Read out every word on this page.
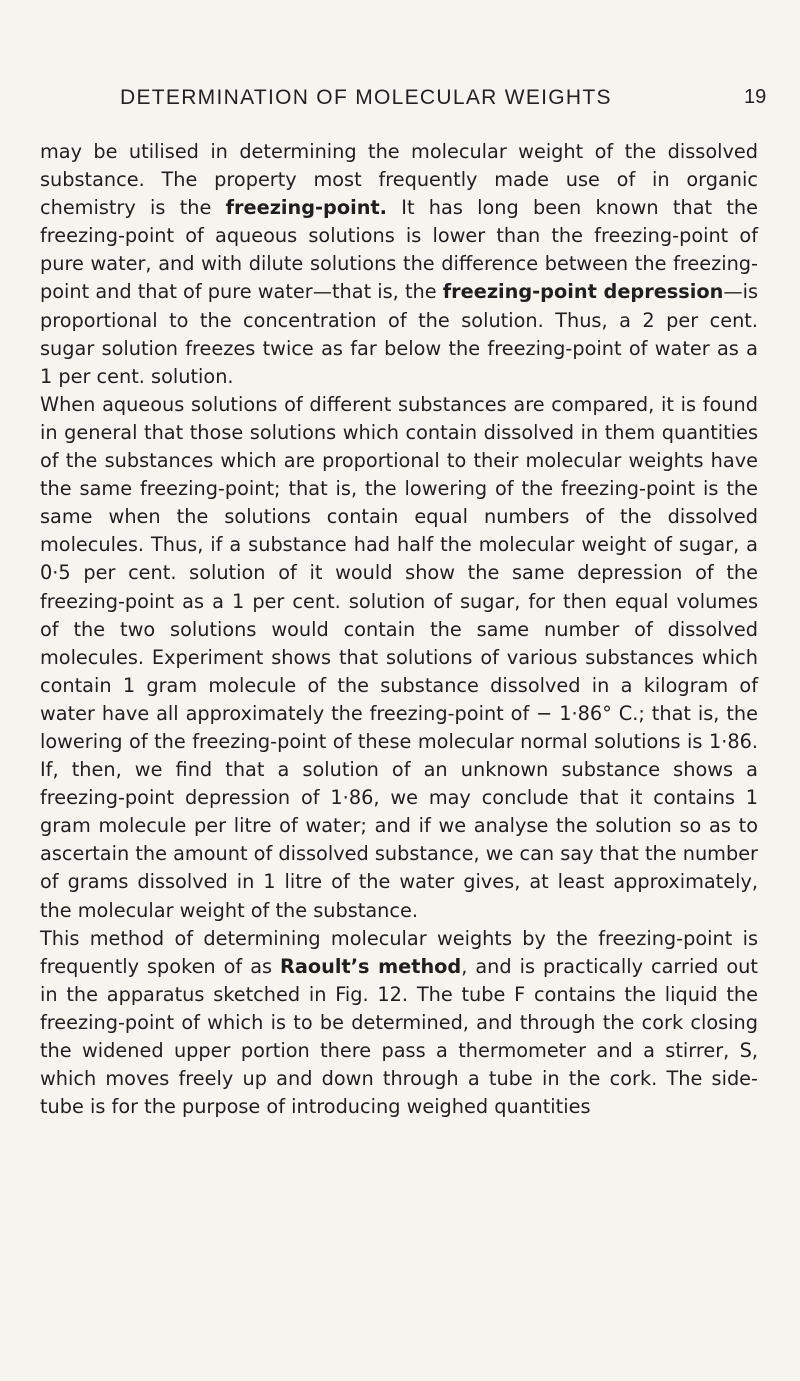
DETERMINATION OF MOLECULAR WEIGHTS	19

may be utilised in determining the molecular weight of the dissolved substance. The property most frequently made use of in organic chemistry is the freezing-point. It has long been known that the freezing-point of aqueous solutions is lower than the freezing-point of pure water, and with dilute solutions the difference between the freezing-point and that of pure water—that is, the freezing-point depression—is proportional to the concentration of the solution. Thus, a 2 per cent. sugar solution freezes twice as far below the freezing-point of water as a 1 per cent. solution.

When aqueous solutions of different substances are compared, it is found in general that those solutions which contain dissolved in them quantities of the substances which are proportional to their molecular weights have the same freezing-point; that is, the lowering of the freezing-point is the same when the solutions contain equal numbers of the dissolved molecules. Thus, if a substance had half the molecular weight of sugar, a 0·5 per cent. solution of it would show the same depression of the freezing-point as a 1 per cent. solution of sugar, for then equal volumes of the two solutions would contain the same number of dissolved molecules. Experiment shows that solutions of various substances which contain 1 gram molecule of the substance dissolved in a kilogram of water have all approximately the freezing-point of − 1·86° C.; that is, the lowering of the freezing-point of these molecular normal solutions is 1·86. If, then, we find that a solution of an unknown substance shows a freezing-point depression of 1·86, we may conclude that it contains 1 gram molecule per litre of water; and if we analyse the solution so as to ascertain the amount of dissolved substance, we can say that the number of grams dissolved in 1 litre of the water gives, at least approximately, the molecular weight of the substance.

This method of determining molecular weights by the freezing-point is frequently spoken of as Raoult’s method, and is practically carried out in the apparatus sketched in Fig. 12. The tube F contains the liquid the freezing-point of which is to be determined, and through the cork closing the widened upper portion there pass a thermometer and a stirrer, S, which moves freely up and down through a tube in the cork. The side-tube is for the purpose of introducing weighed quantities
